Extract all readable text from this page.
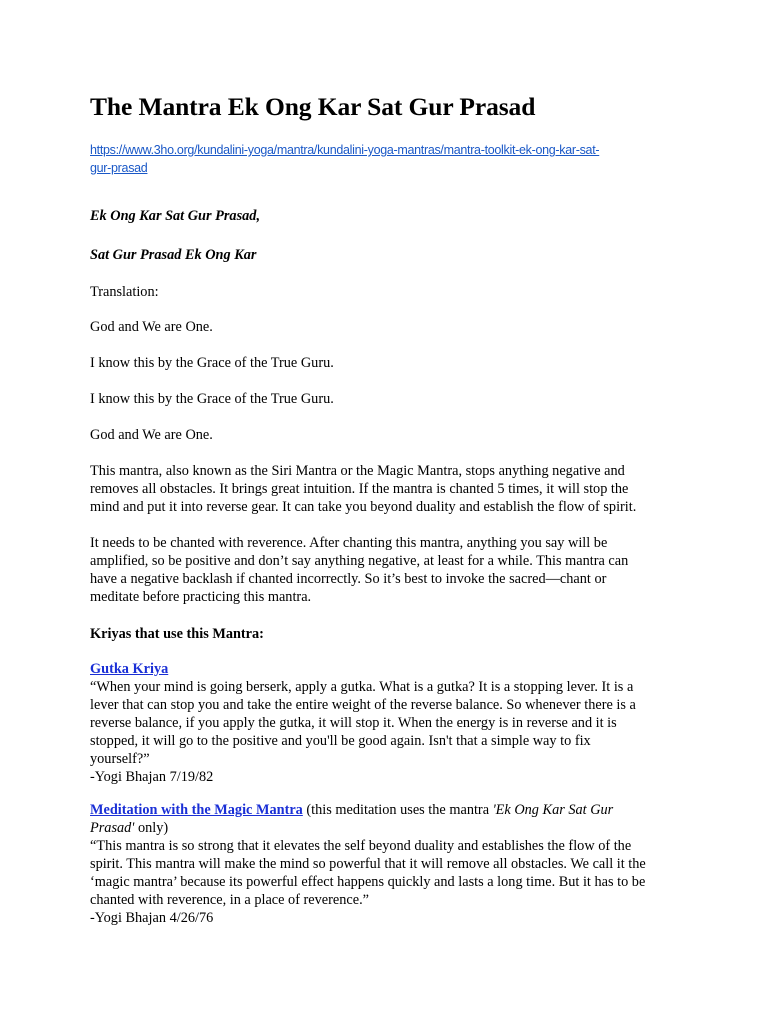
The Mantra Ek Ong Kar Sat Gur Prasad
https://www.3ho.org/kundalini-yoga/mantra/kundalini-yoga-mantras/mantra-toolkit-ek-ong-kar-sat-
gur-prasad

Ek Ong Kar Sat Gur Prasad,

Sat Gur Prasad Ek Ong Kar

Translation:

God and We are One.

I know this by the Grace of the True Guru.

I know this by the Grace of the True Guru.

God and We are One.

This mantra, also known as the Siri Mantra or the Magic Mantra, stops anything negative and
removes all obstacles. It brings great intuition. If the mantra is chanted 5 times, it will stop the
mind and put it into reverse gear. It can take you beyond duality and establish the flow of spirit.
It needs to be chanted with reverence. After chanting this mantra, anything you say will be
amplified, so be positive and don’t say anything negative, at least for a while. This mantra can
have a negative backlash if chanted incorrectly. So it’s best to invoke the sacred—chant or
meditate before practicing this mantra.

Kriyas that use this Mantra:

Gutka Kriya
“When your mind is going berserk, apply a gutka. What is a gutka? It is a stopping lever. It is a
lever that can stop you and take the entire weight of the reverse balance. So whenever there is a
reverse balance, if you apply the gutka, it will stop it. When the energy is in reverse and it is
stopped, it will go to the positive and you'll be good again. Isn't that a simple way to fix
yourself?”
-Yogi Bhajan 7/19/82
Meditation with the Magic Mantra (this meditation uses the mantra 'Ek Ong Kar Sat Gur
Prasad' only)
“This mantra is so strong that it elevates the self beyond duality and establishes the flow of the
spirit. This mantra will make the mind so powerful that it will remove all obstacles. We call it the
‘magic mantra’ because its powerful effect happens quickly and lasts a long time. But it has to be
chanted with reverence, in a place of reverence.”
-Yogi Bhajan 4/26/76
